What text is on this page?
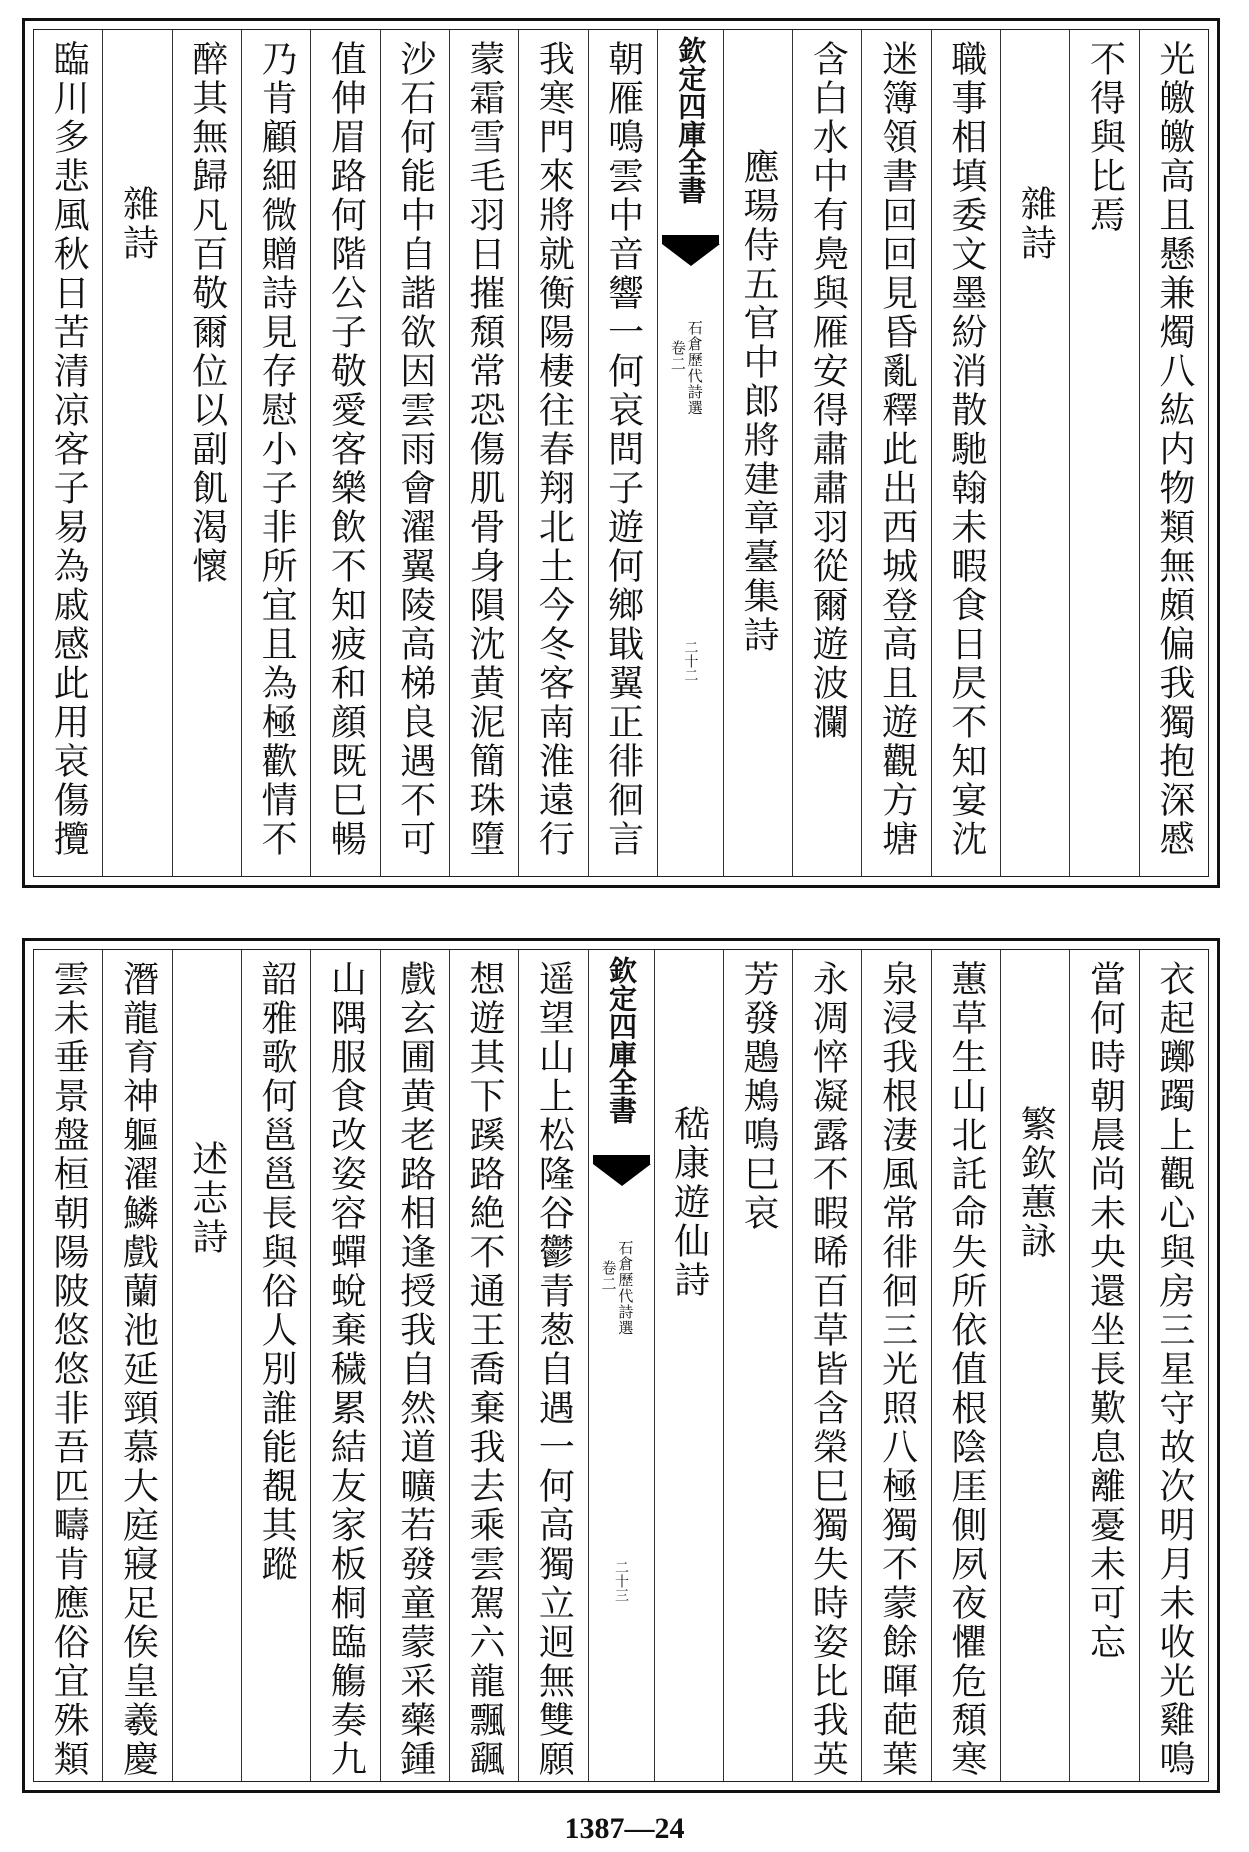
光皦皦高且懸兼燭八紘内物類無頗偏我獨抱深慼
不得與比焉
雜詩
職事相填委文墨紛消散馳翰未暇食日昃不知宴沈
迷簿領書回回見昏亂釋此出西城登高且遊觀方塘
含白水中有鳧與雁安得肅肅羽從爾遊波瀾
應瑒侍五官中郎將建章臺集詩
欽定四庫全書
石倉歷代詩選
卷二
二十二
朝雁鳴雲中音響一何哀問子遊何鄉戢翼正徘徊言
我寒門來將就衡陽棲往春翔北土今冬客南淮遠行
蒙霜雪毛羽日摧頹常恐傷肌骨身隕沈黄泥簡珠墮
沙石何能中自諧欲因雲雨會濯翼陵高梯良遇不可
值伸眉路何階公子敬愛客樂飲不知疲和顔既巳暢
乃肯顧細微贈詩見存慰小子非所宜且為極歡情不
醉其無歸凡百敬爾位以副飢渴懷
雜詩
臨川多悲風秋日苦清凉客子易為戚感此用哀傷攬
衣起躑躅上觀心與房三星守故次明月未收光雞鳴
當何時朝晨尚未央還坐長歎息離憂未可忘
繁欽蕙詠
蕙草生山北託命失所依值根陰厓側夙夜懼危頹寒
泉浸我根淒風常徘徊三光照八極獨不蒙餘暉葩葉
永凋悴凝露不暇晞百草皆含榮巳獨失時姿比我英
芳發鶗鴂鳴巳哀
嵇康遊仙詩
欽定四庫全書
石倉歷代詩選
卷二
二十三
遥望山上松隆谷鬱青葱自遇一何高獨立迥無雙願
想遊其下蹊路絶不通王喬棄我去乘雲駕六龍飄颻
戲玄圃黄老路相逢授我自然道曠若發童蒙采藥鍾
山隅服食改姿容蟬蛻棄穢累結友家板桐臨觴奏九
韶雅歌何邕邕長與俗人別誰能覩其蹤
述志詩
潛龍育神軀濯鱗戲蘭池延頸慕大庭寢足俟皇羲慶
雲未垂景盤桓朝陽陂悠悠非吾匹疇肯應俗宜殊類
1387—24
